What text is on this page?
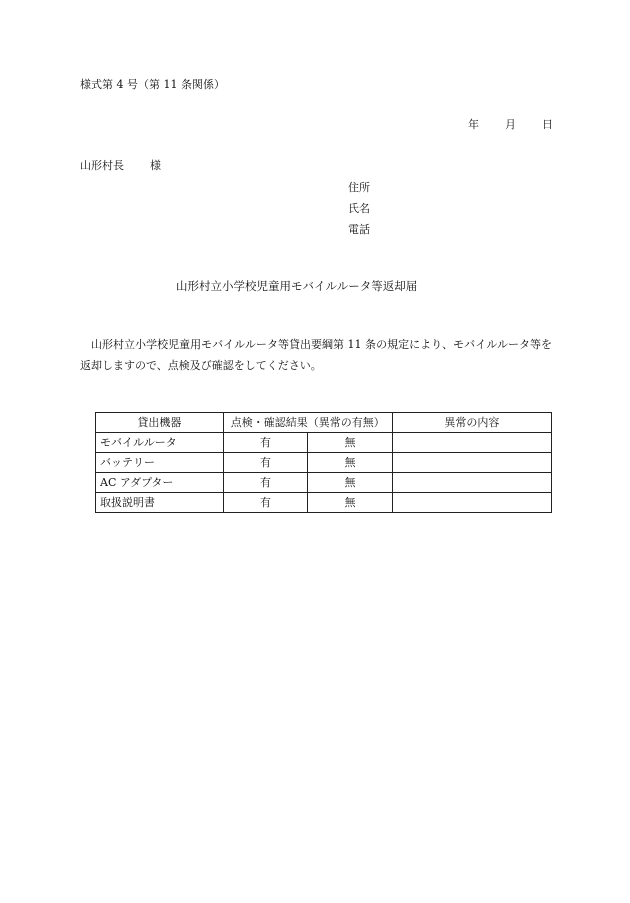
様式第 4 号（第 11 条関係）
年 月 日
山形村長 様
住所
氏名
電話
山形村立小学校児童用モバイルルータ等返却届
山形村立小学校児童用モバイルルータ等貸出要綱第 11 条の規定により、モバイルルータ等を返却しますので、点検及び確認をしてください。
貸出機器	点検・確認結果（異常の有無）		異常の内容
モバイルルータ	有	無	
バッテリー	有	無	
AC アダプター	有	無	
取扱説明書	有	無	
